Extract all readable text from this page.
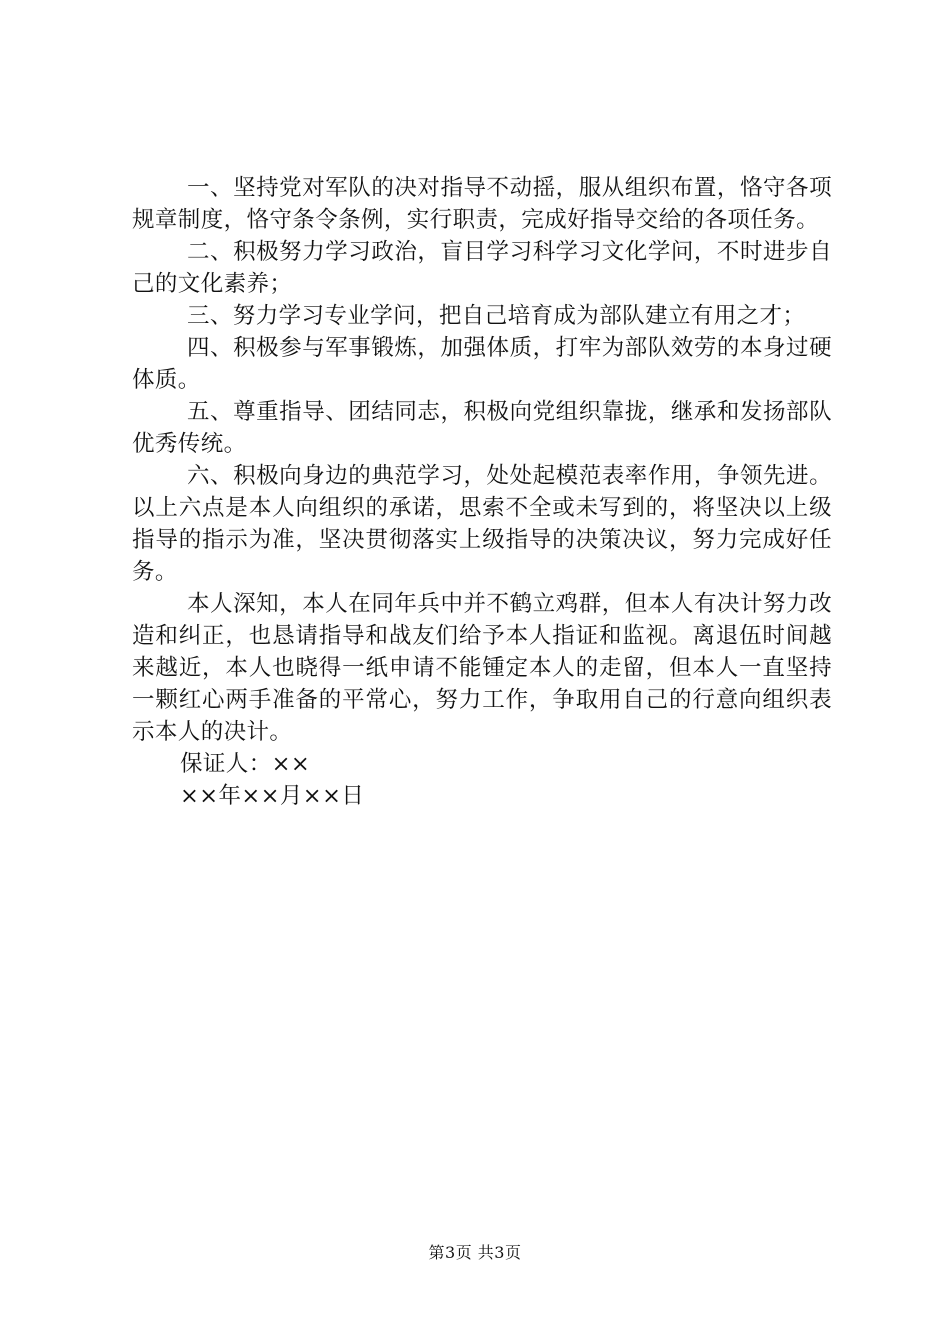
一、坚持党对军队的决对指导不动摇，服从组织布置，恪守各项规章制度，恪守条令条例，实行职责，完成好指导交给的各项任务。

二、积极努力学习政治，盲目学习科学习文化学问，不时进步自己的文化素养；

三、努力学习专业学问，把自己培育成为部队建立有用之才；

四、积极参与军事锻炼，加强体质，打牢为部队效劳的本身过硬体质。

五、尊重指导、团结同志，积极向党组织靠拢，继承和发扬部队优秀传统。

六、积极向身边的典范学习，处处起模范表率作用，争领先进。以上六点是本人向组织的承诺，思索不全或未写到的，将坚决以上级指导的指示为准，坚决贯彻落实上级指导的决策决议，努力完成好任务。

本人深知，本人在同年兵中并不鹤立鸡群，但本人有决计努力改造和纠正，也恳请指导和战友们给予本人指证和监视。离退伍时间越来越近，本人也晓得一纸申请不能锺定本人的走留，但本人一直坚持一颗红心两手准备的平常心，努力工作，争取用自己的行意向组织表示本人的决计。

保证人：××

××年××月××日

第3页 共3页
